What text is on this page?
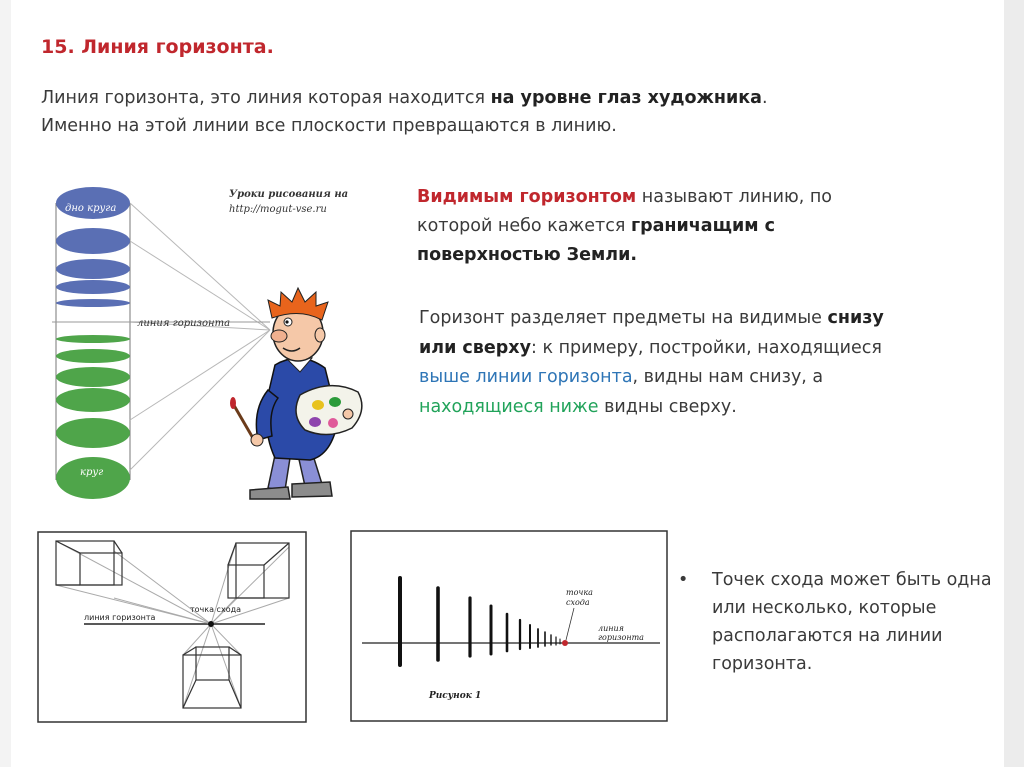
15. Линия горизонта.

Линия горизонта, это линия которая находится на уровне глаз художника.
Именно на этой линии все плоскости превращаются в линию.

Видимым горизонтом называют линию, по которой небо кажется граничащим с поверхностью Земли.

Горизонт разделяет предметы на видимые снизу или сверху: к примеру, постройки, находящиеся выше линии горизонта, видны нам снизу, а находящиеся ниже видны сверху.

• Точек схода может быть одна или несколько, которые располагаются на линии горизонта.
дно круга
линия горизонта
круг
Уроки рисования на
http://mogut-vse.ru
точка схода
линия горизонта
точка
схода
линия
горизонта
Рисунок 1
